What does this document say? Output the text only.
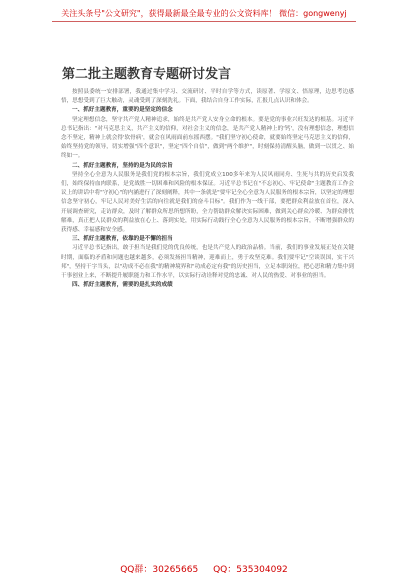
关注头条号"公文研究"，获得最新最全最专业的公文资料库！ 微信：gongwenyj
第二批主题教育专题研讨发言

按照县委统一安排部署，我通过集中学习、交流研讨、平时自学等方式，读原著、学原文、悟原理，边思考边感悟，思想受到了巨大触动，灵魂受到了深刻洗礼。下面，我结合自身工作实际，汇报几点认识和体会。

一、抓好主题教育，重要的是坚定的信念

坚定理想信念，坚守共产党人精神追求，始终是共产党人安身立命的根本。要是党的事业兴旺发达的根基。习近平总书记指出："对马克思主义，共产主义的信仰，对社会主义的信念，是共产党人精神上的'钙'，没有理想信念，理想信念不坚定，精神上就会得'软骨病'，就会在风雨面前东摇西摆。"我们坚守初心使命，就要始终坚定马克思主义的信仰，始终坚持党的领导，切实增强"四个意识"，坚定"四个自信"，做到"两个维护"，时刻保持清醒头脑，做到一以贯之、始终如一。

二、抓好主题教育，坚持的是为民的宗旨

坚持全心全意为人民服务是我们党的根本宗旨，我们党成立100多年来为人民风雨同舟、生死与共的历史启发我们，始终保持血肉联系，是党战胜一切困难和风险的根本保证。习近平总书记在"不忘初心、牢记使命"主题教育工作会议上的讲话中将"守初心"的内涵进行了深刻阐释，其中一条就是"要牢记全心全意为人民服务的根本宗旨，以坚定的理想信念坚守初心，牢记人民对美好生活的向往就是我们的奋斗目标"。我们作为一线干部，要把群众利益放在首位，深入开展调查研究，走访群众，及时了解群众所思所想所盼，全力帮助群众解决实际困难，做到关心群众冷暖、为群众排忧解难，真正把人民群众的利益放在心上、落到实处，用实际行动践行全心全意为人民服务的根本宗旨，不断增强群众的获得感、幸福感和安全感。

三、抓好主题教育，依靠的是不懈的担当

习近平总书记指出，敢于担当是我们党的优良传统，也是共产党人的政治品格。当前，我们的事业发展正处在关键时期，面临的矛盾和问题也越来越多，必须发扬担当精神，迎难而上，勇于攻坚克难。我们要牢记"空谈误国，实干兴邦"，坚持干字当头，以"功成不必在我"的精神境界和"功成必定有我"的历史担当，立足本职岗位，把心思和精力集中到干事创业上来，不断提升履职能力和工作水平，以实际行动诠释对党的忠诚、对人民的热爱、对事业的担当。

四、抓好主题教育，需要的是扎实的成绩

QQ群：30265665 QQ：535304092
